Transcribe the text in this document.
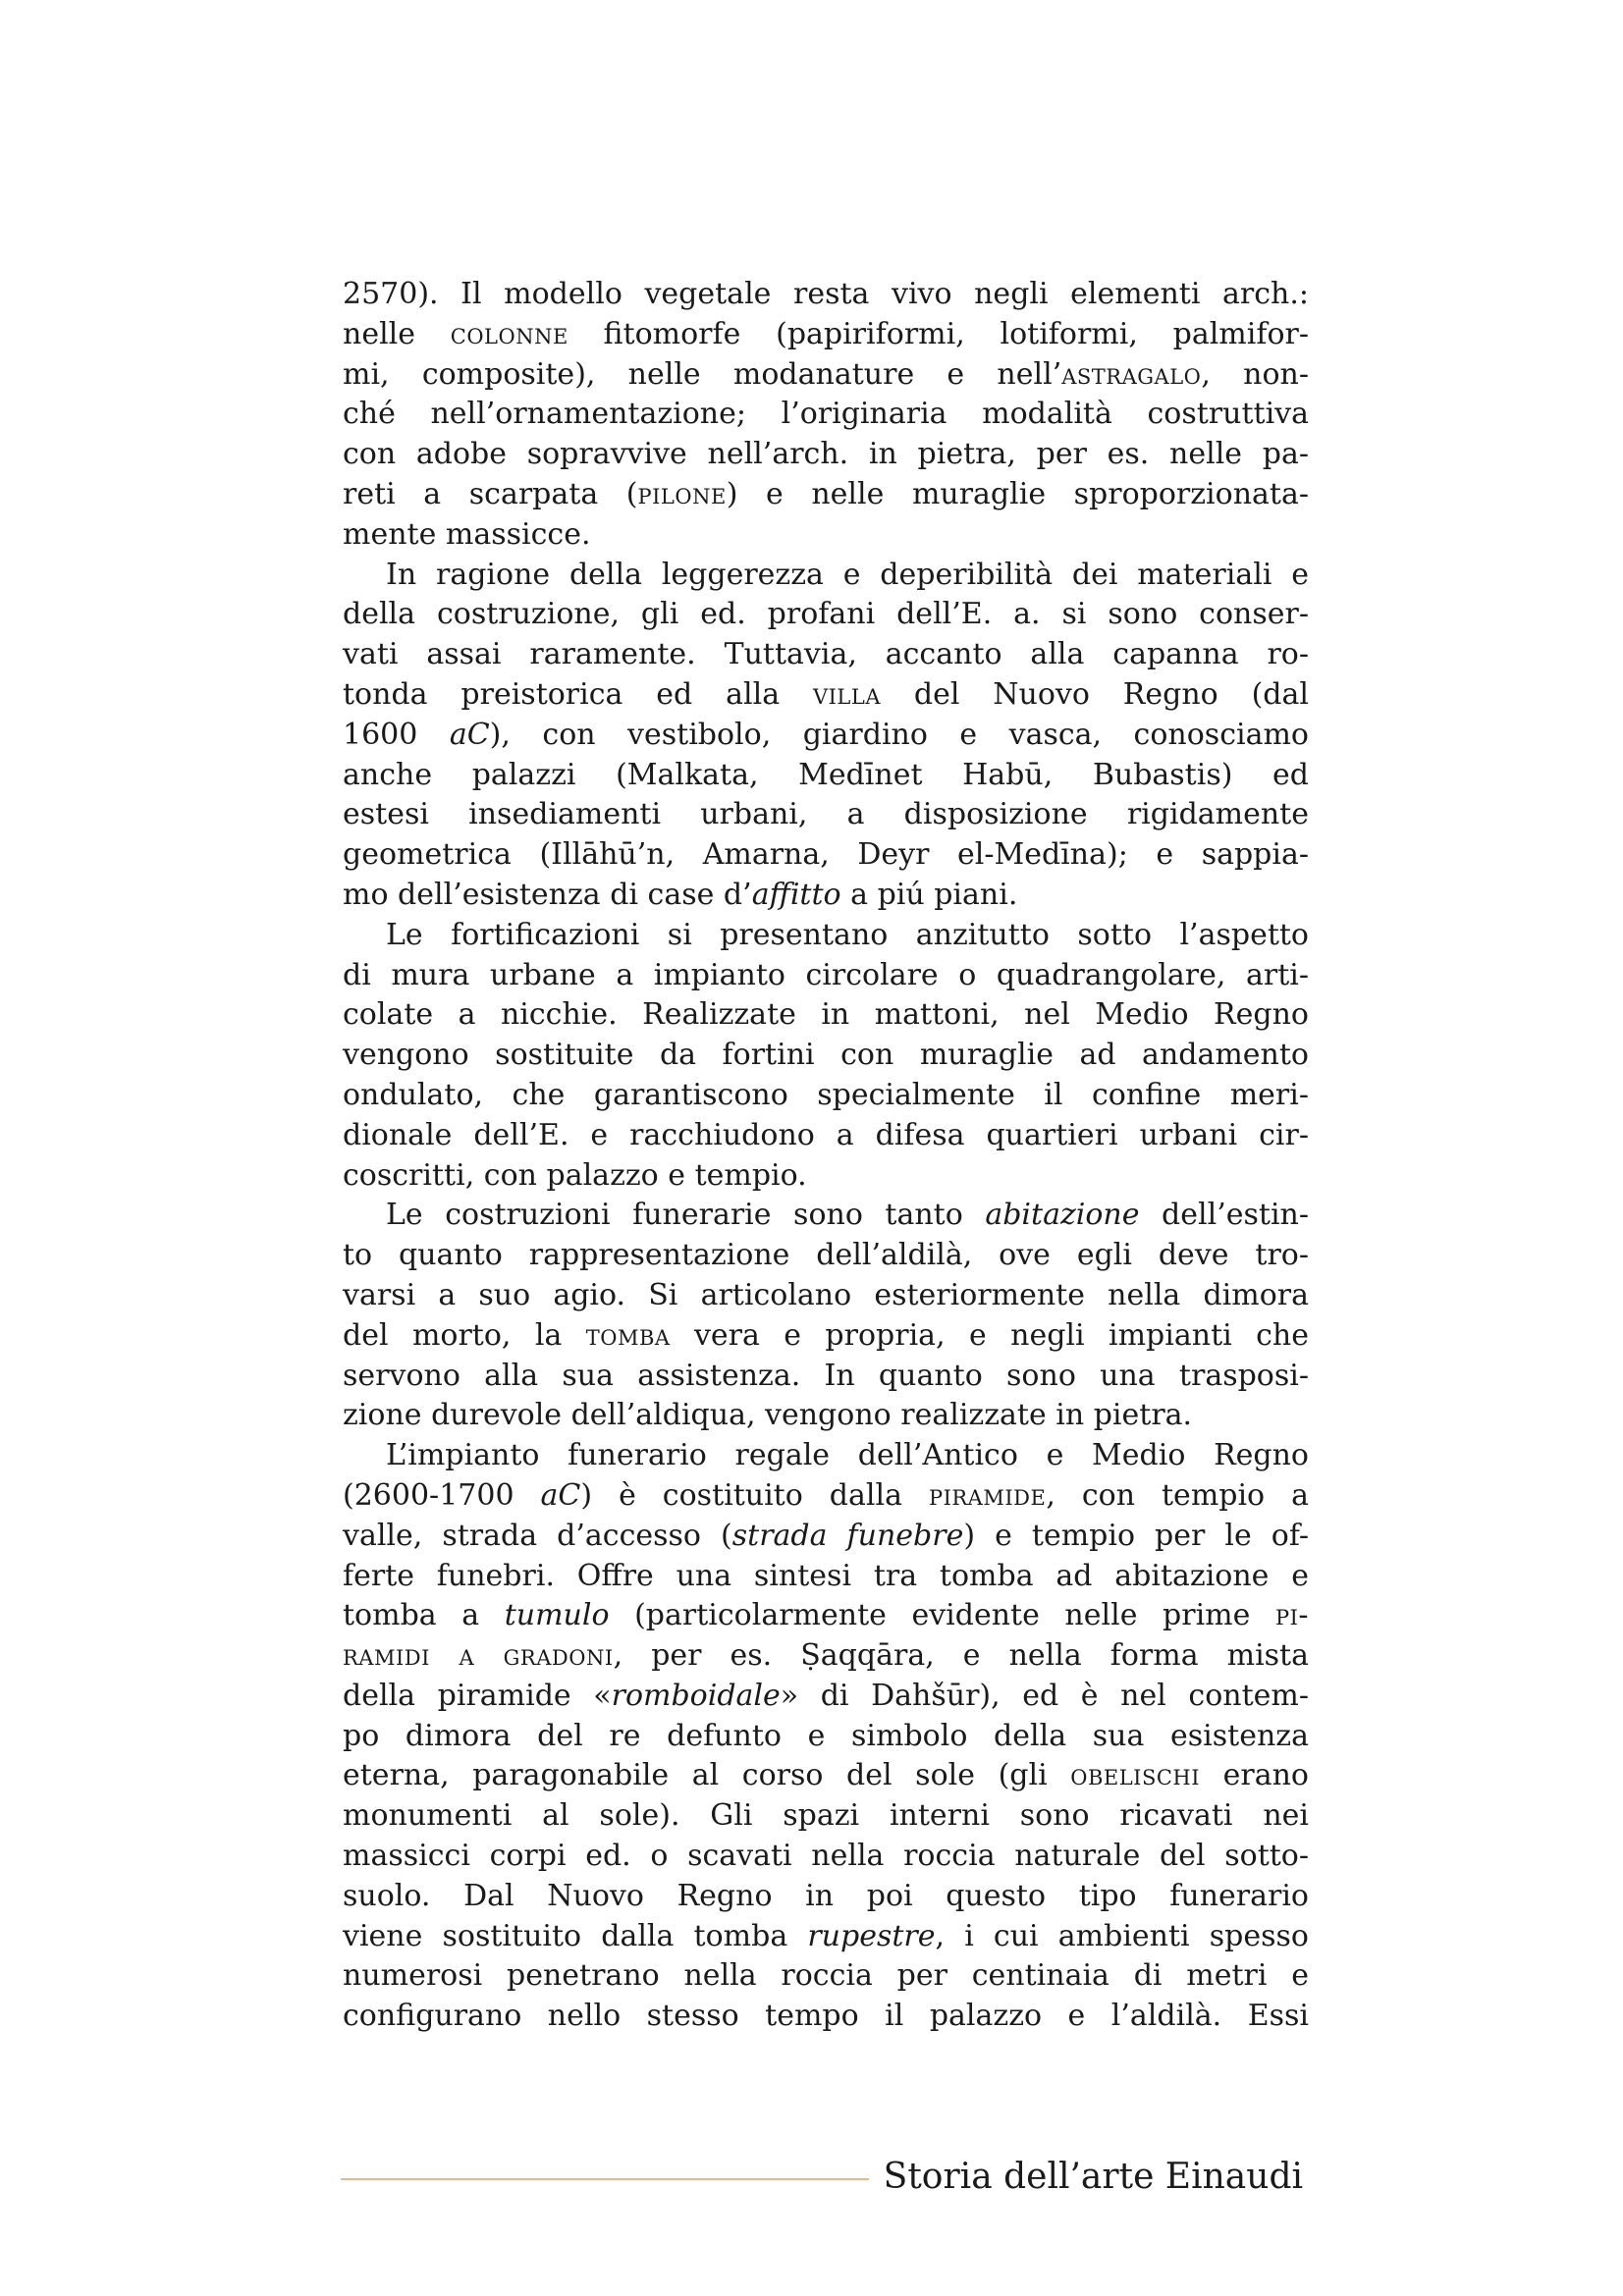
2570). Il modello vegetale resta vivo negli elementi arch.:
nelle colonne fitomorfe (papiriformi, lotiformi, palmifor-
mi, composite), nelle modanature e nell’astragalo, non-
ché nell’ornamentazione; l’originaria modalità costruttiva
con adobe sopravvive nell’arch. in pietra, per es. nelle pa-
reti a scarpata (pilone) e nelle muraglie sproporzionata-
mente massicce.
In ragione della leggerezza e deperibilità dei materiali e
della costruzione, gli ed. profani dell’E. a. si sono conser-
vati assai raramente. Tuttavia, accanto alla capanna ro-
tonda preistorica ed alla villa del Nuovo Regno (dal
1600 aC), con vestibolo, giardino e vasca, conosciamo
anche palazzi (Malkata, Medīnet Habū, Bubastis) ed
estesi insediamenti urbani, a disposizione rigidamente
geometrica (Illāhū’n, Amarna, Deyr el-Medīna); e sappia-
mo dell’esistenza di case d’affitto a piú piani.
Le fortificazioni si presentano anzitutto sotto l’aspetto
di mura urbane a impianto circolare o quadrangolare, arti-
colate a nicchie. Realizzate in mattoni, nel Medio Regno
vengono sostituite da fortini con muraglie ad andamento
ondulato, che garantiscono specialmente il confine meri-
dionale dell’E. e racchiudono a difesa quartieri urbani cir-
coscritti, con palazzo e tempio.
Le costruzioni funerarie sono tanto abitazione dell’estin-
to quanto rappresentazione dell’aldilà, ove egli deve tro-
varsi a suo agio. Si articolano esteriormente nella dimora
del morto, la tomba vera e propria, e negli impianti che
servono alla sua assistenza. In quanto sono una trasposi-
zione durevole dell’aldiqua, vengono realizzate in pietra.
L’impianto funerario regale dell’Antico e Medio Regno
(2600-1700 aC) è costituito dalla piramide, con tempio a
valle, strada d’accesso (strada funebre) e tempio per le of-
ferte funebri. Offre una sintesi tra tomba ad abitazione e
tomba a tumulo (particolarmente evidente nelle prime pi-
ramidi a gradoni, per es. Ṣaqqāra, e nella forma mista
della piramide «romboidale» di Dahšūr), ed è nel contem-
po dimora del re defunto e simbolo della sua esistenza
eterna, paragonabile al corso del sole (gli obelischi erano
monumenti al sole). Gli spazi interni sono ricavati nei
massicci corpi ed. o scavati nella roccia naturale del sotto-
suolo. Dal Nuovo Regno in poi questo tipo funerario
viene sostituito dalla tomba rupestre, i cui ambienti spesso
numerosi penetrano nella roccia per centinaia di metri e
configurano nello stesso tempo il palazzo e l’aldilà. Essi
Storia dell’arte Einaudi
